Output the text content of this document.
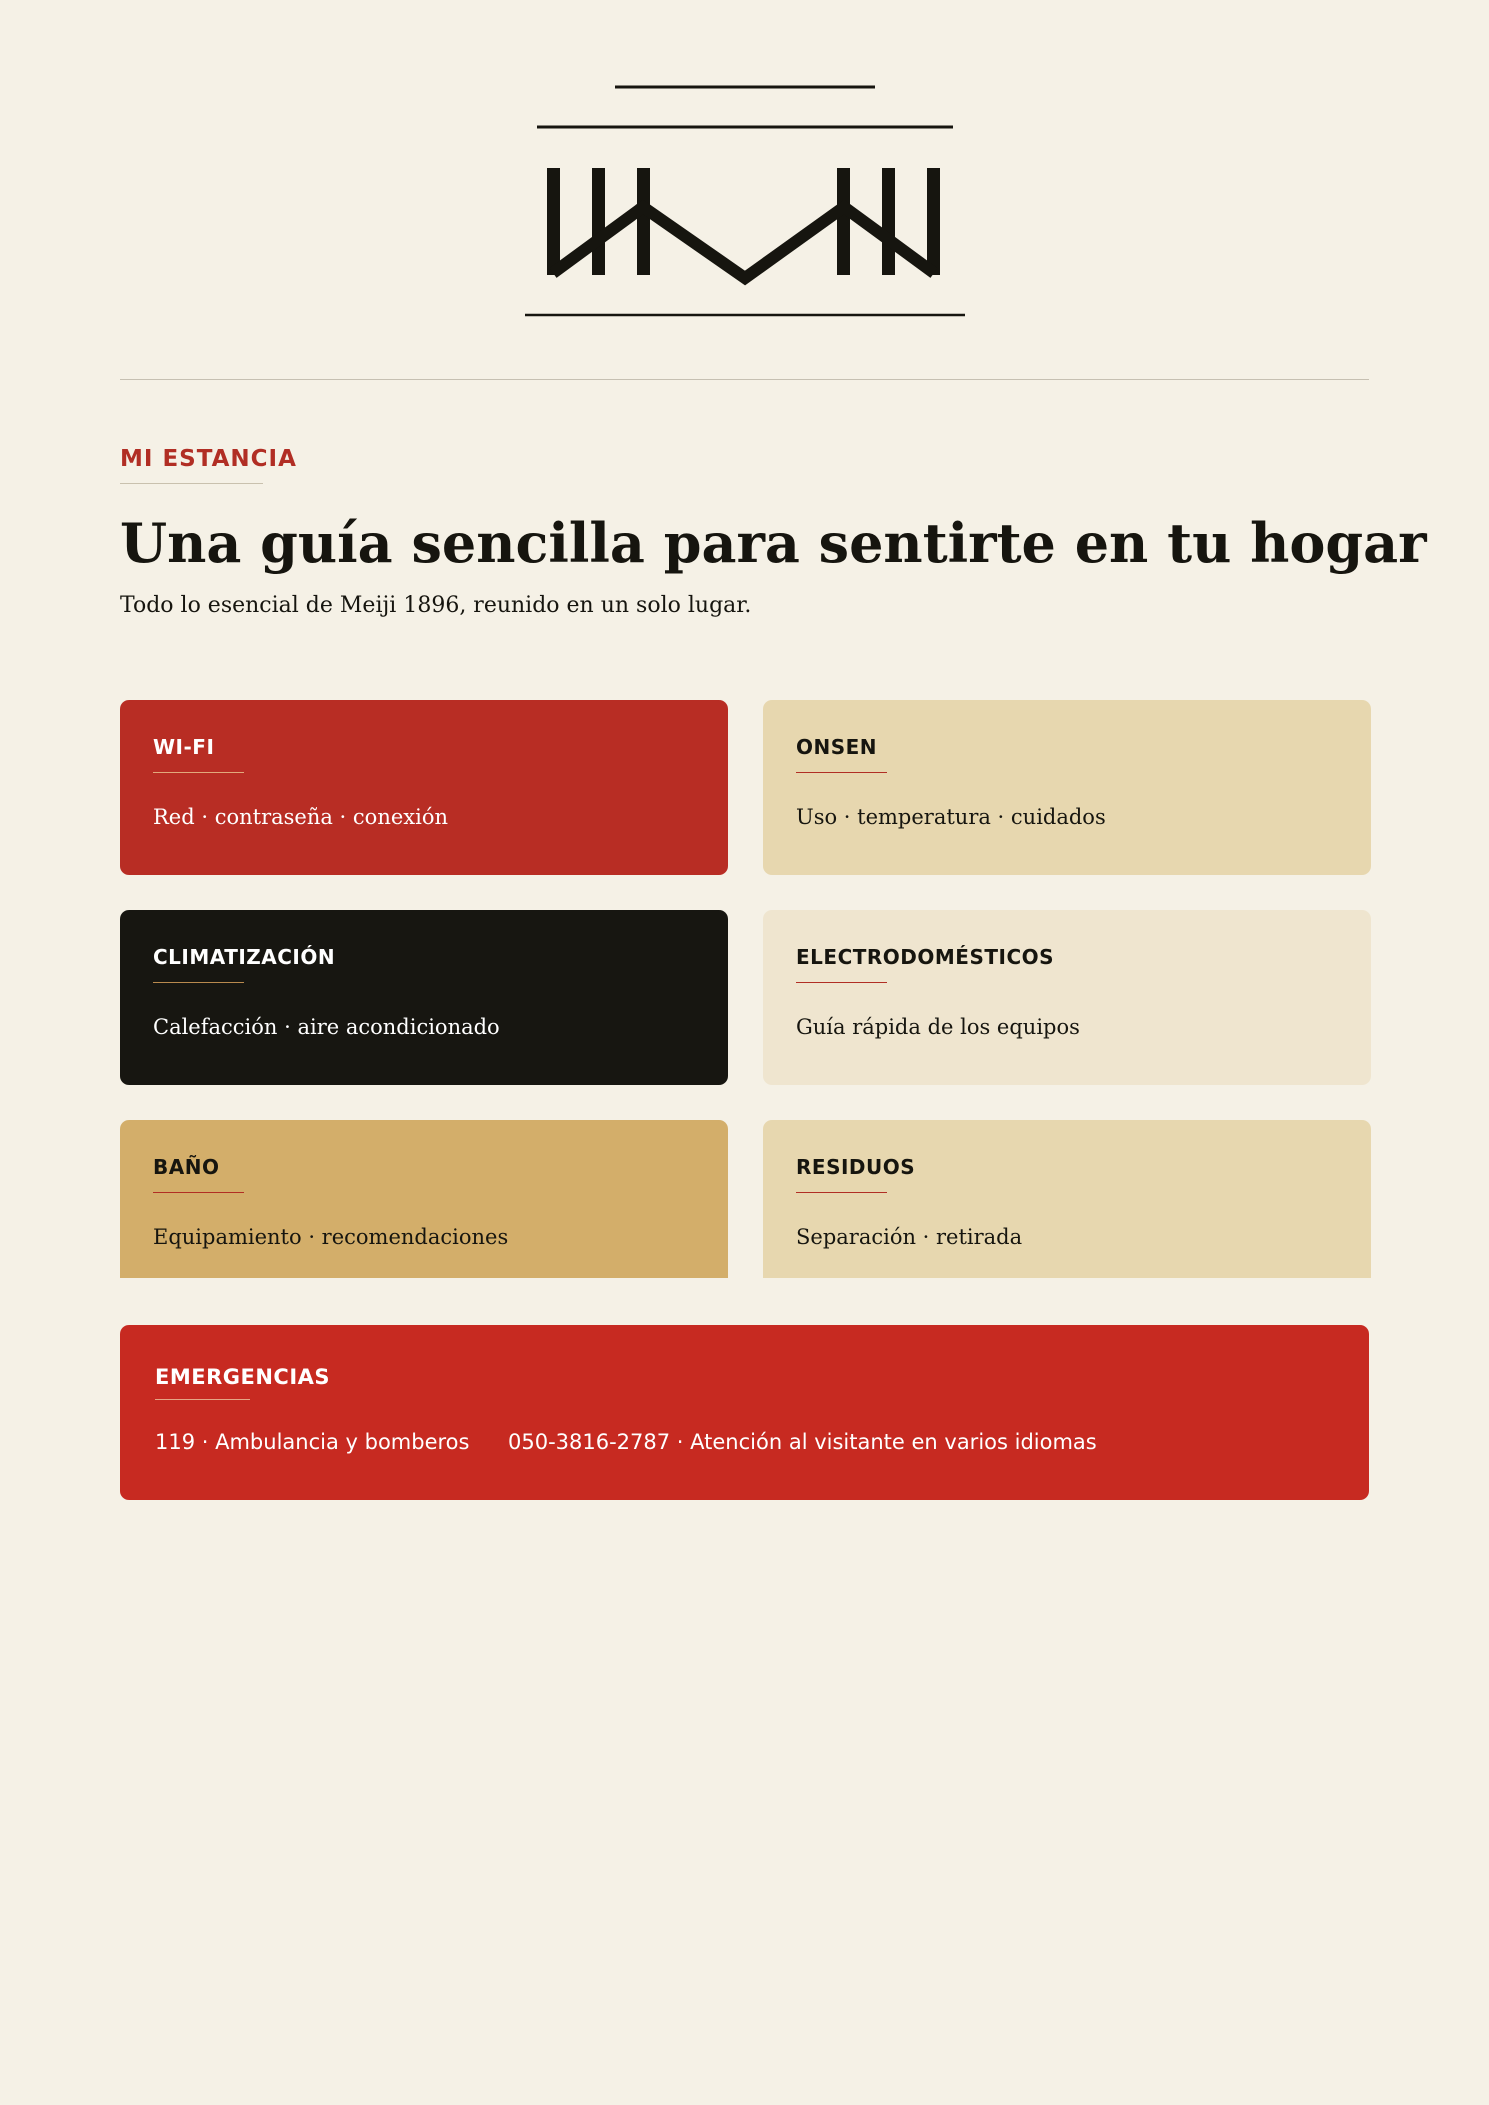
MI ESTANCIA
Una guía sencilla para sentirte en tu hogar

Todo lo esencial de Meiji 1896, reunido en un solo lugar.

WI-FI
Red · contraseña · conexión
ONSEN
Uso · temperatura · cuidados
CLIMATIZACIÓN
Calefacción · aire acondicionado
ELECTRODOMÉSTICOS
Guía rápida de los equipos
BAÑO
Equipamiento · recomendaciones
RESIDUOS
Separación · retirada
EMERGENCIAS
119 · Ambulancia y bomberos 050-3816-2787 · Atención al visitante en varios idiomas
